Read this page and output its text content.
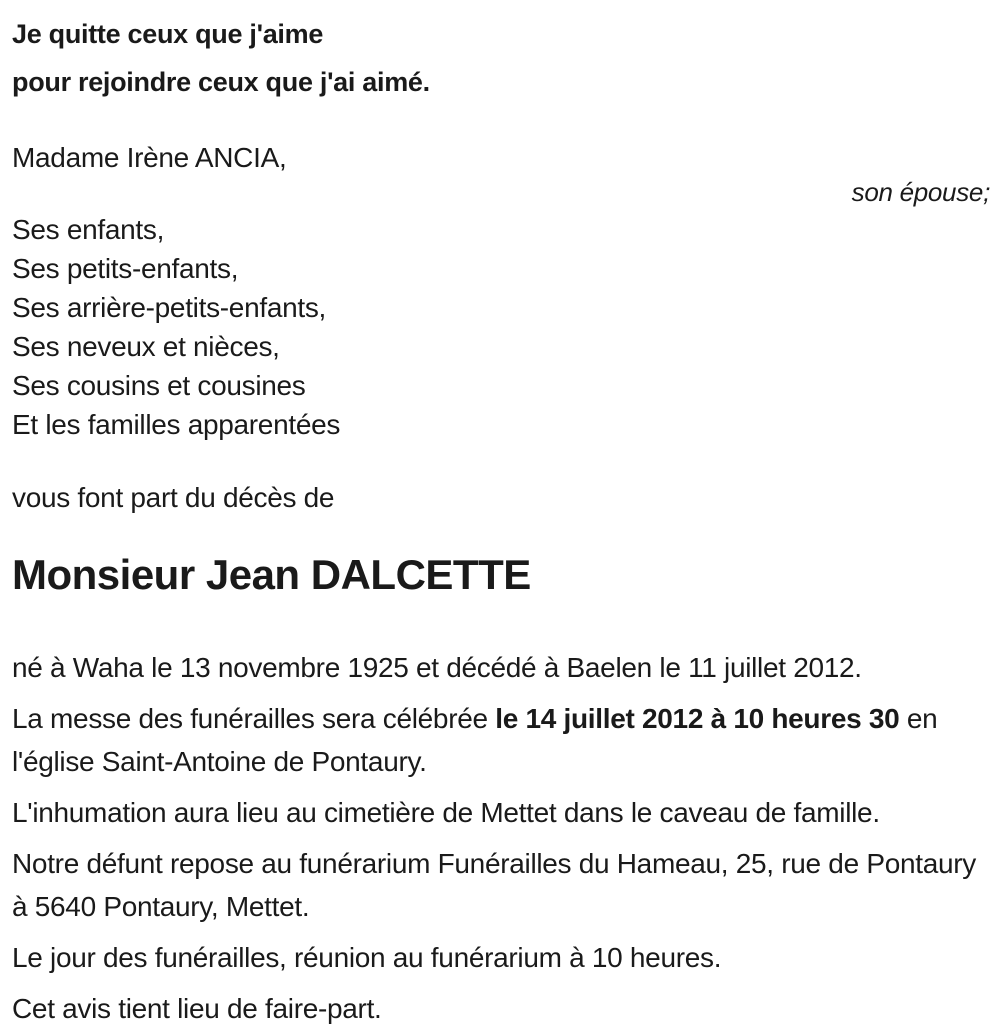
Je quitte ceux que j'aime
pour rejoindre ceux que j'ai aimé.

Madame Irène ANCIA,

son épouse;

Ses enfants,
Ses petits-enfants,
Ses arrière-petits-enfants,
Ses neveux et nièces,
Ses cousins et cousines
Et les familles apparentées

vous font part du décès de

Monsieur Jean DALCETTE

né à Waha le 13 novembre 1925 et décédé à Baelen le 11 juillet 2012.

La messe des funérailles sera célébrée le 14 juillet 2012 à 10 heures 30 en l'église Saint-Antoine de Pontaury.

L'inhumation aura lieu au cimetière de Mettet dans le caveau de famille.

Notre défunt repose au funérarium Funérailles du Hameau, 25, rue de Pontaury à 5640 Pontaury, Mettet.

Le jour des funérailles, réunion au funérarium à 10 heures.

Cet avis tient lieu de faire-part.
